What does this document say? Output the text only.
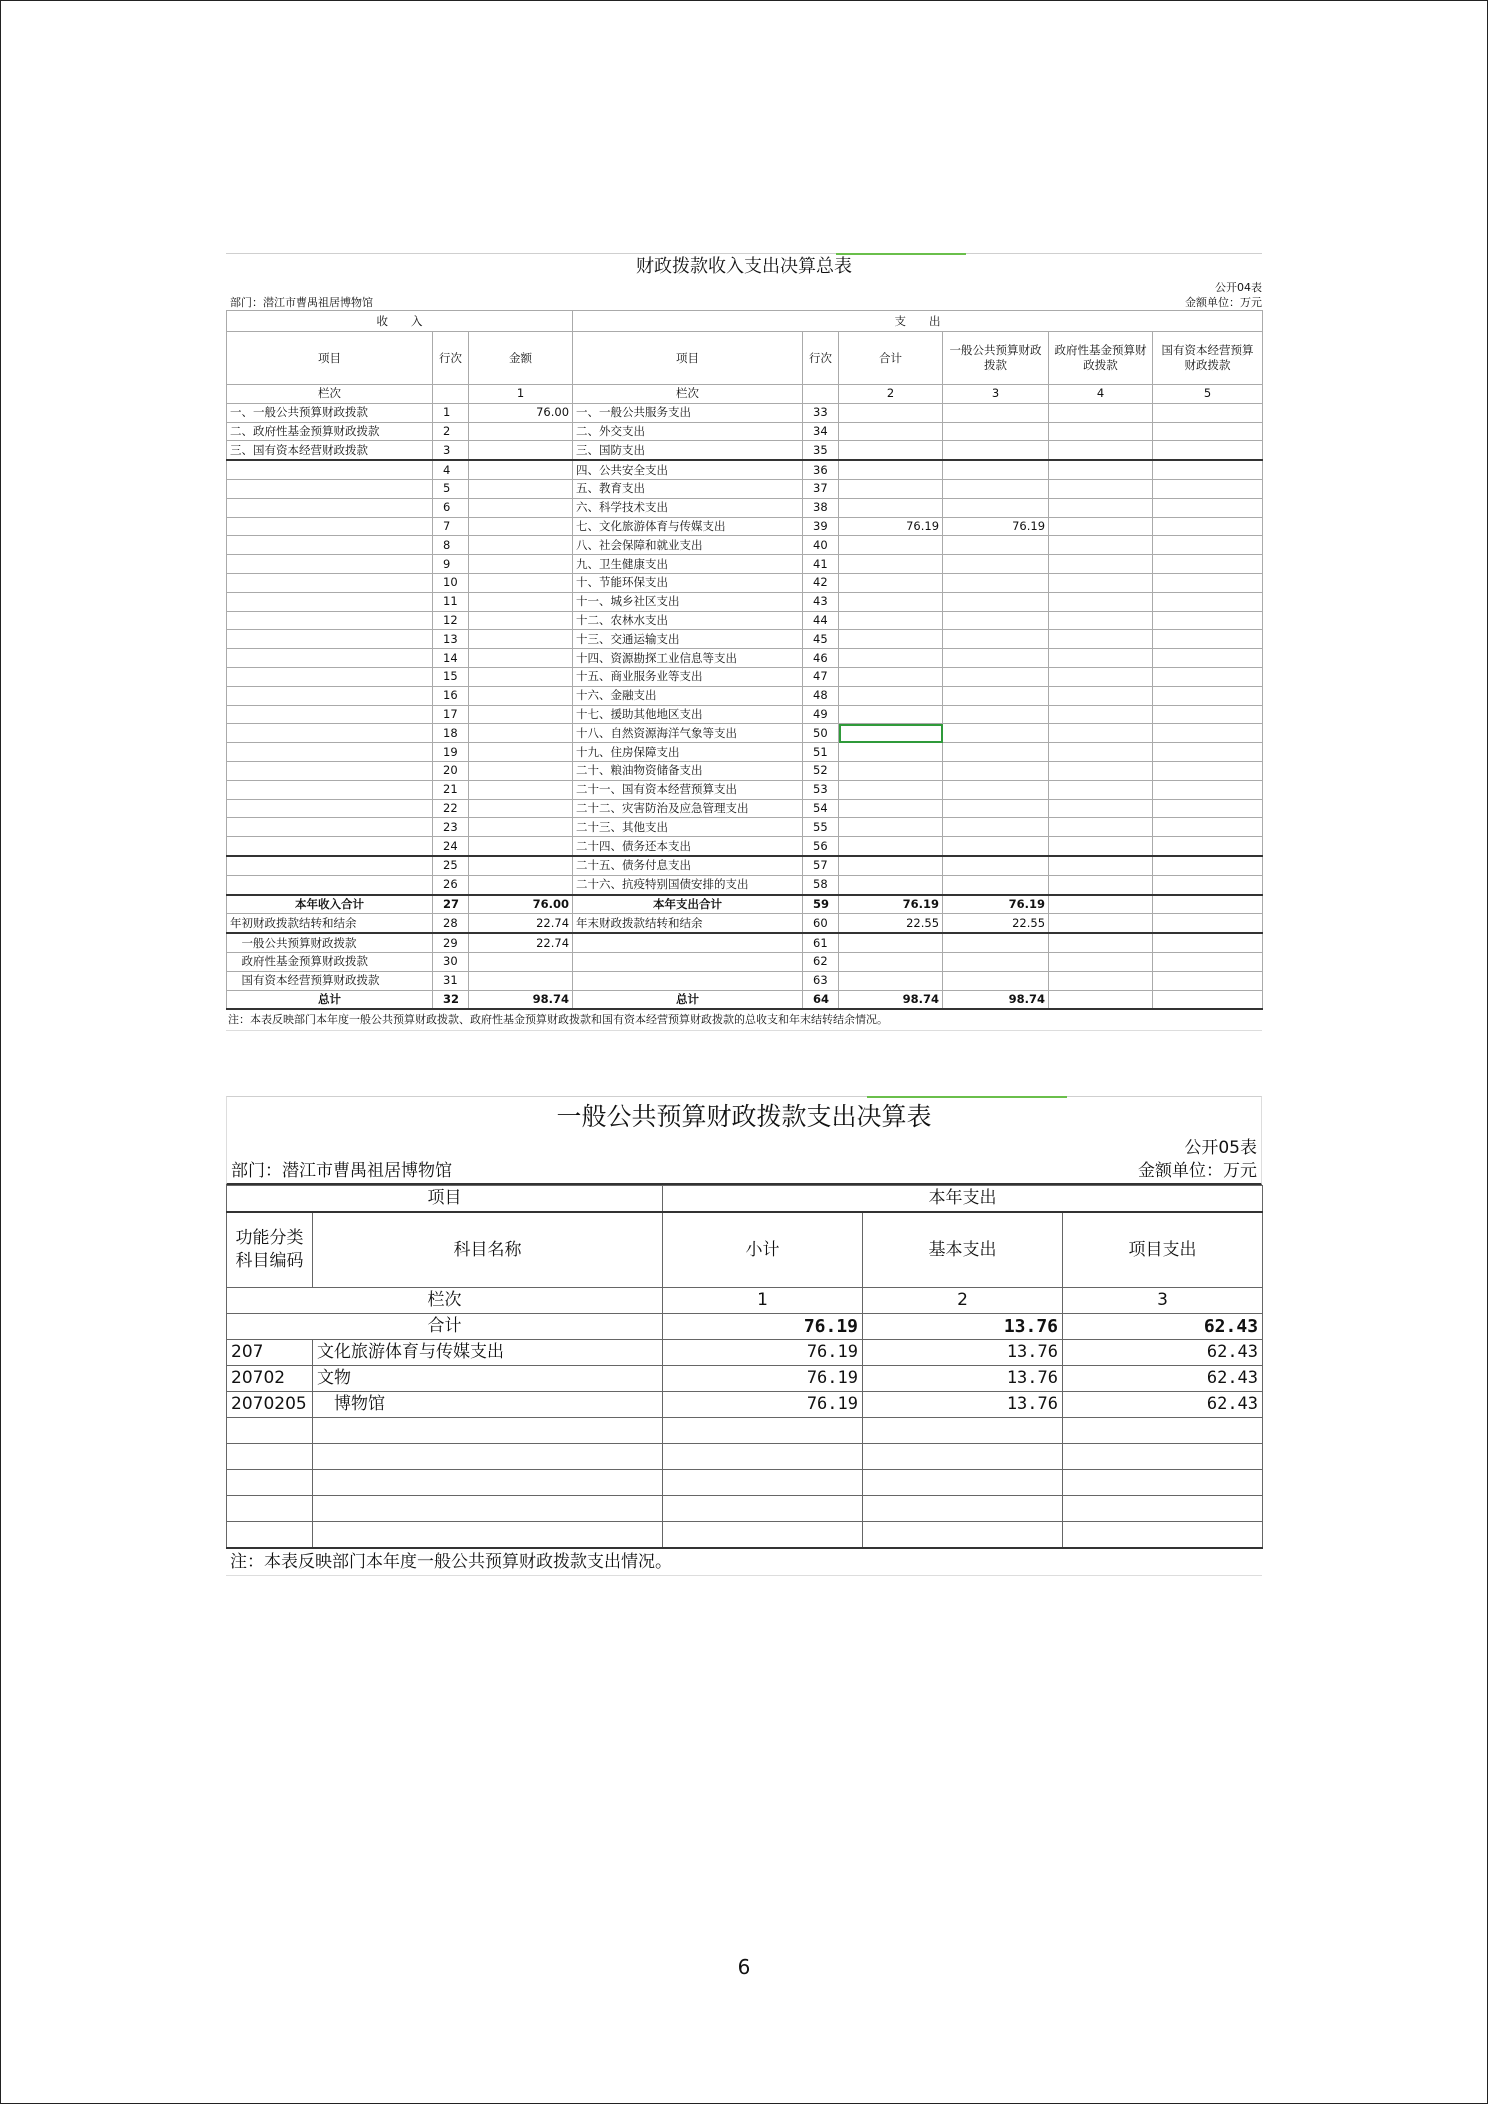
财政拨款收入支出决算总表
部门：潜江市曹禺祖居博物馆
公开04表
金额单位：万元
收　　入			支　　出					
项目	行次	金额	项目	行次	合计	一般公共预算财政拨款	政府性基金预算财政拨款	国有资本经营预算财政拨款
栏次		1	栏次		2	3	4	5
一、一般公共预算财政拨款	1	76.00	一、一般公共服务支出	33				
二、政府性基金预算财政拨款	2		二、外交支出	34				
三、国有资本经营财政拨款	3		三、国防支出	35				
	4		四、公共安全支出	36				
	5		五、教育支出	37				
	6		六、科学技术支出	38				
	7		七、文化旅游体育与传媒支出	39	76.19	76.19		
	8		八、社会保障和就业支出	40				
	9		九、卫生健康支出	41				
	10		十、节能环保支出	42				
	11		十一、城乡社区支出	43				
	12		十二、农林水支出	44				
	13		十三、交通运输支出	45				
	14		十四、资源勘探工业信息等支出	46				
	15		十五、商业服务业等支出	47				
	16		十六、金融支出	48				
	17		十七、援助其他地区支出	49				
	18		十八、自然资源海洋气象等支出	50				
	19		十九、住房保障支出	51				
	20		二十、粮油物资储备支出	52				
	21		二十一、国有资本经营预算支出	53				
	22		二十二、灾害防治及应急管理支出	54				
	23		二十三、其他支出	55				
	24		二十四、债务还本支出	56				
	25		二十五、债务付息支出	57				
	26		二十六、抗疫特别国债安排的支出	58				
本年收入合计	27	76.00	本年支出合计	59	76.19	76.19		
年初财政拨款结转和结余	28	22.74	年末财政拨款结转和结余	60	22.55	22.55		
　一般公共预算财政拨款	29	22.74		61				
　政府性基金预算财政拨款	30			62				
　国有资本经营预算财政拨款	31			63				
总计	32	98.74	总计	64	98.74	98.74		
注：本表反映部门本年度一般公共预算财政拨款、政府性基金预算财政拨款和国有资本经营预算财政拨款的总收支和年末结转结余情况。
一般公共预算财政拨款支出决算表
公开05表
部门：潜江市曹禺祖居博物馆	金额单位：万元
项目		本年支出		
功能分类科目编码	科目名称	小计	基本支出	项目支出
栏次		1	2	3
合计		76.19	13.76	62.43
207	文化旅游体育与传媒支出	76.19	13.76	62.43
20702	文物	76.19	13.76	62.43
2070205	　博物馆	76.19	13.76	62.43

注：本表反映部门本年度一般公共预算财政拨款支出情况。
6
